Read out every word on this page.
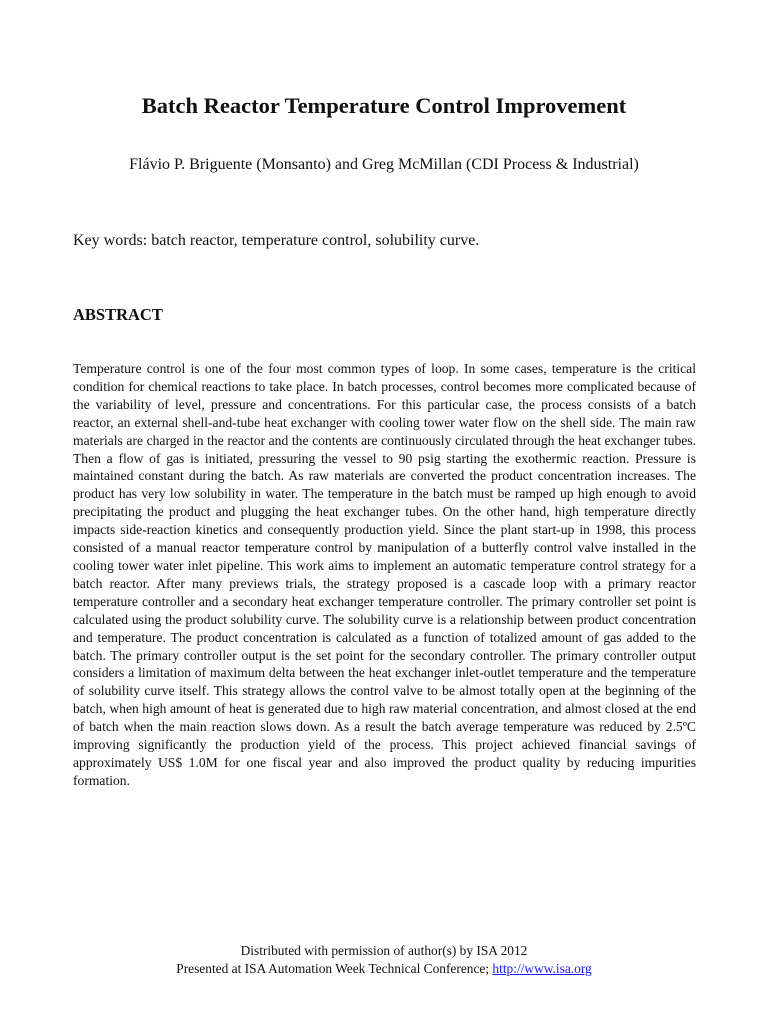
Batch Reactor Temperature Control Improvement

Flávio P. Briguente (Monsanto) and Greg McMillan (CDI Process & Industrial)

Key words: batch reactor, temperature control, solubility curve.

ABSTRACT

Temperature control is one of the four most common types of loop. In some cases, temperature is the critical condition for chemical reactions to take place. In batch processes, control becomes more complicated because of the variability of level, pressure and concentrations. For this particular case, the process consists of a batch reactor, an external shell-and-tube heat exchanger with cooling tower water flow on the shell side. The main raw materials are charged in the reactor and the contents are continuously circulated through the heat exchanger tubes. Then a flow of gas is initiated, pressuring the vessel to 90 psig starting the exothermic reaction. Pressure is maintained constant during the batch. As raw materials are converted the product concentration increases. The product has very low solubility in water. The temperature in the batch must be ramped up high enough to avoid precipitating the product and plugging the heat exchanger tubes. On the other hand, high temperature directly impacts side-reaction kinetics and consequently production yield. Since the plant start-up in 1998, this process consisted of a manual reactor temperature control by manipulation of a butterfly control valve installed in the cooling tower water inlet pipeline. This work aims to implement an automatic temperature control strategy for a batch reactor. After many previews trials, the strategy proposed is a cascade loop with a primary reactor temperature controller and a secondary heat exchanger temperature controller. The primary controller set point is calculated using the product solubility curve. The solubility curve is a relationship between product concentration and temperature. The product concentration is calculated as a function of totalized amount of gas added to the batch. The primary controller output is the set point for the secondary controller. The primary controller output considers a limitation of maximum delta between the heat exchanger inlet-outlet temperature and the temperature of solubility curve itself. This strategy allows the control valve to be almost totally open at the beginning of the batch, when high amount of heat is generated due to high raw material concentration, and almost closed at the end of batch when the main reaction slows down. As a result the batch average temperature was reduced by 2.5ºC improving significantly the production yield of the process. This project achieved financial savings of approximately US$ 1.0M for one fiscal year and also improved the product quality by reducing impurities formation.

Distributed with permission of author(s) by ISA 2012
Presented at ISA Automation Week Technical Conference; http://www.isa.org
